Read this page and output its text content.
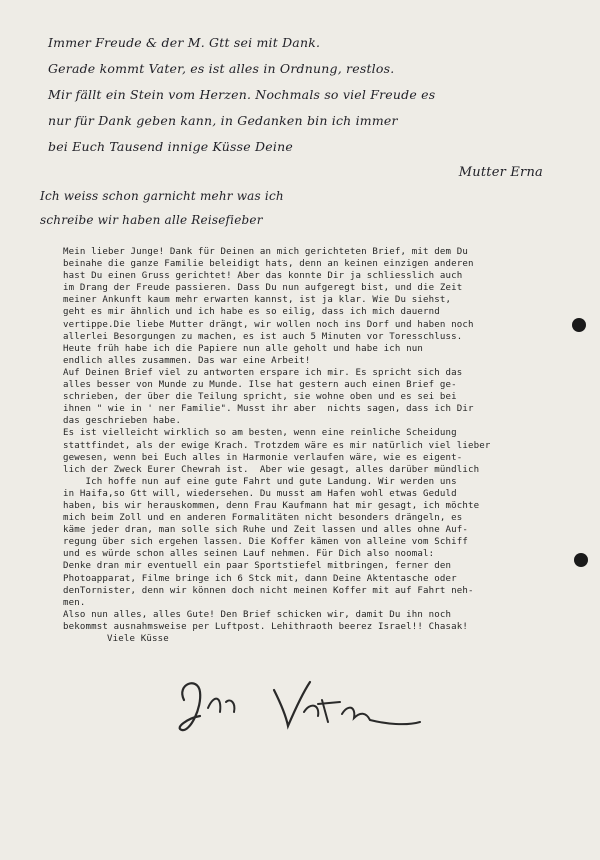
Immer Freude & der M. Gtt sei mit Dank.
Gerade kommt Vater, es ist alles in Ordnung, restlos.
Mir fällt ein Stein vom Herzen. Nochmals so viel Freude es
nur für Dank geben kann, in Gedanken bin ich immer
bei Euch Tausend innige Küsse Deine
Mutter Erna
Ich weiss schon garnicht mehr was ich
schreibe wir haben alle Reisefieber
Mein lieber Junge! Dank für Deinen an mich gerichteten Brief, mit dem Du
beinahe die ganze Familie beleidigt hats, denn an keinen einzigen anderen
hast Du einen Gruss gerichtet! Aber das konnte Dir ja schliesslich auch
im Drang der Freude passieren. Dass Du nun aufgeregt bist, und die Zeit
meiner Ankunft kaum mehr erwarten kannst, ist ja klar. Wie Du siehst,
geht es mir ähnlich und ich habe es so eilig, dass ich mich dauernd
vertippe.Die liebe Mutter drängt, wir wollen noch ins Dorf und haben noch
allerlei Besorgungen zu machen, es ist auch 5 Minuten vor Toresschluss.
Heute früh habe ich die Papiere nun alle geholt und habe ich nun
endlich alles zusammen. Das war eine Arbeit!
Auf Deinen Brief viel zu antworten erspare ich mir. Es spricht sich das
alles besser von Munde zu Munde. Ilse hat gestern auch einen Brief ge-
schrieben, der über die Teilung spricht, sie wohne oben und es sei bei
ihnen " wie in ' ner Familie". Musst ihr aber  nichts sagen, dass ich Dir
das geschrieben habe.
Es ist vielleicht wirklich so am besten, wenn eine reinliche Scheidung
stattfindet, als der ewige Krach. Trotzdem wäre es mir natürlich viel lieber
gewesen, wenn bei Euch alles in Harmonie verlaufen wäre, wie es eigent-
lich der Zweck Eurer Chewrah ist.  Aber wie gesagt, alles darüber mündlich
Ich hoffe nun auf eine gute Fahrt und gute Landung. Wir werden uns
in Haifa,so Gtt will, wiedersehen. Du musst am Hafen wohl etwas Geduld
haben, bis wir herauskommen, denn Frau Kaufmann hat mir gesagt, ich möchte
mich beim Zoll und en anderen Formalitäten nicht besonders drängeln, es
käme jeder dran, man solle sich Ruhe und Zeit lassen und alles ohne Auf-
regung über sich ergehen lassen. Die Koffer kämen von alleine vom Schiff
und es würde schon alles seinen Lauf nehmen. Für Dich also noomal:
Denke dran mir eventuell ein paar Sportstiefel mitbringen, ferner den
Photoapparat, Filme bringe ich 6 Stck mit, dann Deine Aktentasche oder
denTornister, denn wir können doch nicht meinen Koffer mit auf Fahrt neh-
men.
Also nun alles, alles Gute! Den Brief schicken wir, damit Du ihn noch
bekommst ausnahmsweise per Luftpost. Lehithraoth beerez Israel!! Chasak!
Viele Küsse
